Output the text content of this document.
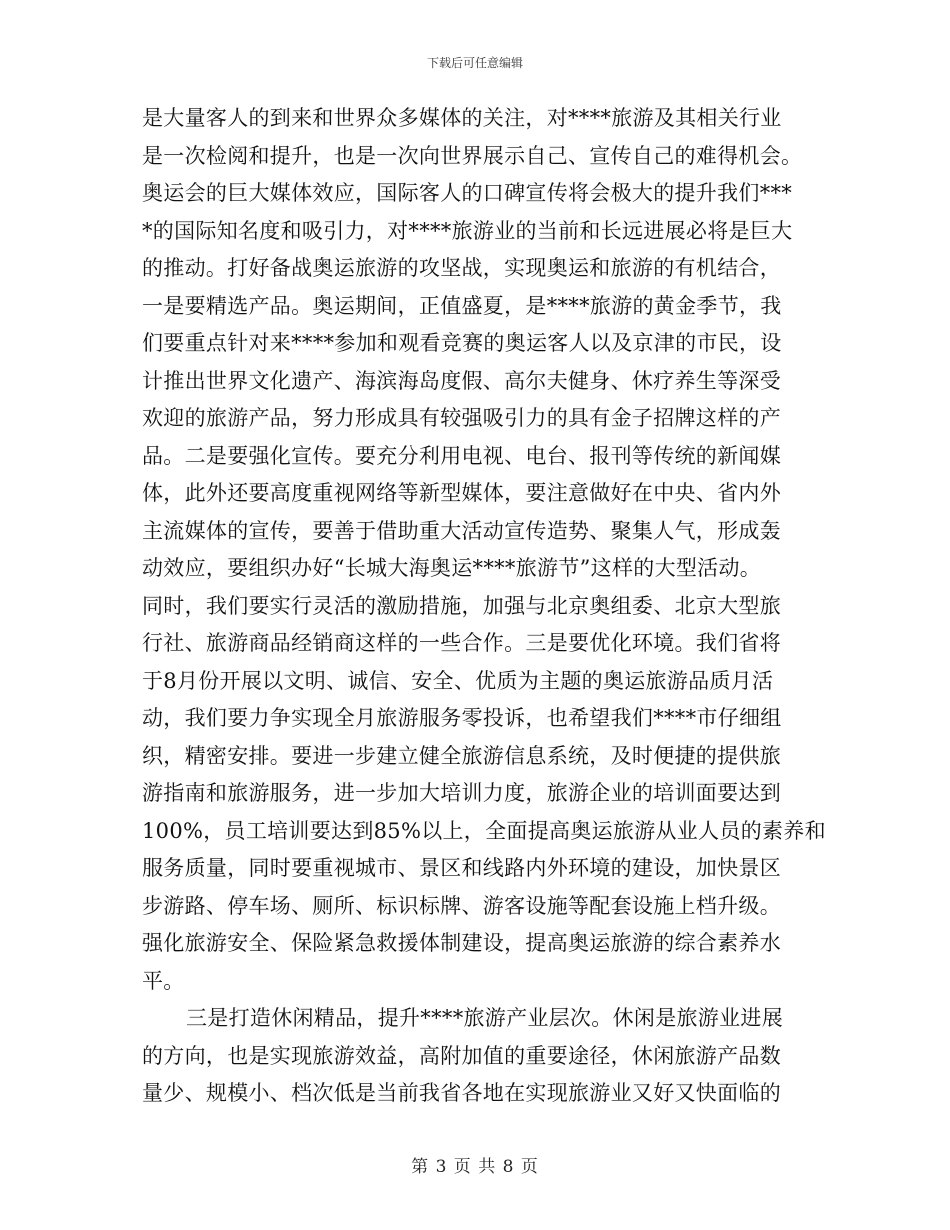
下载后可任意编辑
是大量客人的到来和世界众多媒体的关注，对****旅游及其相关行业
是一次检阅和提升，也是一次向世界展示自己、宣传自己的难得机会。
奥运会的巨大媒体效应，国际客人的口碑宣传将会极大的提升我们***
*的国际知名度和吸引力，对****旅游业的当前和长远进展必将是巨大
的推动。打好备战奥运旅游的攻坚战，实现奥运和旅游的有机结合，
一是要精选产品。奥运期间，正值盛夏，是****旅游的黄金季节，我
们要重点针对来****参加和观看竞赛的奥运客人以及京津的市民，设
计推出世界文化遗产、海滨海岛度假、高尔夫健身、休疗养生等深受
欢迎的旅游产品，努力形成具有较强吸引力的具有金子招牌这样的产
品。二是要强化宣传。要充分利用电视、电台、报刊等传统的新闻媒
体，此外还要高度重视网络等新型媒体，要注意做好在中央、省内外
主流媒体的宣传，要善于借助重大活动宣传造势、聚集人气，形成轰
动效应，要组织办好“长城大海奥运****旅游节”这样的大型活动。
同时，我们要实行灵活的激励措施，加强与北京奥组委、北京大型旅
行社、旅游商品经销商这样的一些合作。三是要优化环境。我们省将
于8月份开展以文明、诚信、安全、优质为主题的奥运旅游品质月活
动，我们要力争实现全月旅游服务零投诉，也希望我们****市仔细组
织，精密安排。要进一步建立健全旅游信息系统，及时便捷的提供旅
游指南和旅游服务，进一步加大培训力度，旅游企业的培训面要达到
100%，员工培训要达到85%以上，全面提高奥运旅游从业人员的素养和
服务质量，同时要重视城市、景区和线路内外环境的建设，加快景区
步游路、停车场、厕所、标识标牌、游客设施等配套设施上档升级。
强化旅游安全、保险紧急救援体制建设，提高奥运旅游的综合素养水
平。
三是打造休闲精品，提升****旅游产业层次。休闲是旅游业进展
的方向，也是实现旅游效益，高附加值的重要途径，休闲旅游产品数
量少、规模小、档次低是当前我省各地在实现旅游业又好又快面临的
第 3 页 共 8 页
